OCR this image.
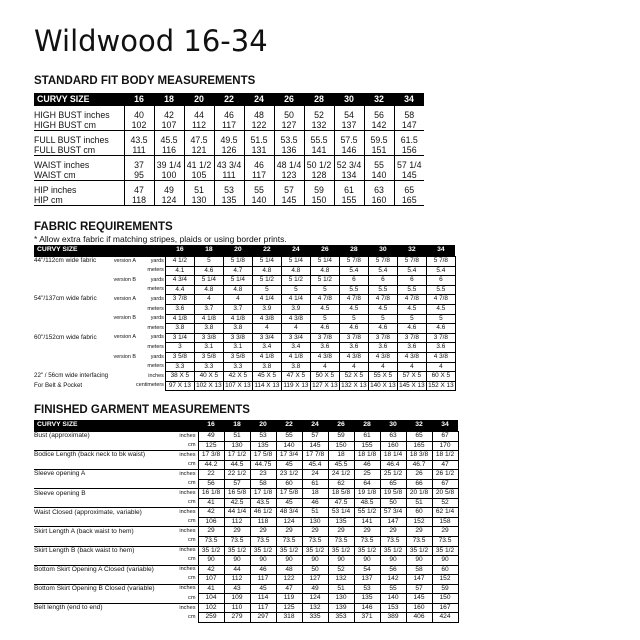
Wildwood 16-34
STANDARD FIT BODY MEASUREMENTS
CURVY SIZE	16	18	20	22	24	26	28	30	32	34

HIGH BUST inches	40	42	44	46	48	50	52	54	56	58
HIGH BUST cm	102	107	112	117	122	127	132	137	142	147

FULL BUST inches	43.5	45.5	47.5	49.5	51.5	53.5	55.5	57.5	59.5	61.5
FULL BUST cm	111	116	121	126	131	136	141	146	151	156

WAIST inches	37	39 1/4	41 1/2	43 3/4	46	48 1/4	50 1/2	52 3/4	55	57 1/4
WAIST cm	95	100	105	111	117	123	128	134	140	145

HIP inches	47	49	51	53	55	57	59	61	63	65
HIP cm	118	124	130	135	140	145	150	155	160	165
FABRIC REQUIREMENTS
* Allow extra fabric if matching stripes, plaids or using border prints.
CURVY SIZE			16	18	20	22	24	26	28	30	32	34
44"/112cm wide fabric	version A	yards	4 1/2	5	5 1/8	5 1/4	5 1/4	5 1/4	5 7/8	5 7/8	5 7/8	5 7/8
		meters	4.1	4.6	4.7	4.8	4.8	4.8	5.4	5.4	5.4	5.4
	version B	yards	4 3/4	5 1/4	5 1/4	5 1/2	5 1/2	5 1/2	6	6	6	6
		meters	4.4	4.8	4.8	5	5	5	5.5	5.5	5.5	5.5
54"/137cm wide fabric	version A	yards	3 7/8	4	4	4 1/4	4 1/4	4 7/8	4 7/8	4 7/8	4 7/8	4 7/8
		meters	3.6	3.7	3.7	3.9	3.9	4.5	4.5	4.5	4.5	4.5
	version B	yards	4 1/8	4 1/8	4 1/8	4 3/8	4 3/8	5	5	5	5	5
		meters	3.8	3.8	3.8	4	4	4.6	4.6	4.6	4.6	4.6
60"/152cm wide fabric	version A	yards	3 1/4	3 3/8	3 3/8	3 3/4	3 3/4	3 7/8	3 7/8	3 7/8	3 7/8	3 7/8
		meters	3	3.1	3.1	3.4	3.4	3.6	3.6	3.6	3.6	3.6
	version B	yards	3 5/8	3 5/8	3 5/8	4 1/8	4 1/8	4 3/8	4 3/8	4 3/8	4 3/8	4 3/8
		meters	3.3	3.3	3.3	3.8	3.8	4	4	4	4	4
22" / 56cm wide interfacing		inches	38 X 5	40 X 5	42 X 5	45 X 5	47 X 5	50 X 5	52 X 5	55 X 5	57 X 5	60 X 5
For Belt & Pocket		centimeters	97 X 13	102 X 13	107 X 13	114 X 13	119 X 13	127 X 13	132 X 13	140 X 13	145 X 13	152 X 13
FINISHED GARMENT MEASUREMENTS
CURVY SIZE		16	18	20	22	24	26	28	30	32	34
Bust (approximate)	inches	49	51	53	55	57	59	61	63	65	67
	cm	125	130	135	140	145	150	155	160	165	170
Bodice Length (back neck to bk waist)	inches	17 3/8	17 1/2	17 5/8	17 3/4	17 7/8	18	18 1/8	18 1/4	18 3/8	18 1/2
	cm	44.2	44.5	44.75	45	45.4	45.5	46	46.4	46.7	47
Sleeve opening A	inches	22	22 1/2	23	23 1/2	24	24 1/2	25	25 1/2	26	26 1/2
	cm	56	57	58	60	61	62	64	65	66	67
Sleeve opening B	inches	16 1/8	16 5/8	17 1/8	17 5/8	18	18 5/8	19 1/8	19 5/8	20 1/8	20 5/8
	cm	41	42.5	43.5	45	46	47.5	48.5	50	51	52
Waist Closed (approximate, variable)	inches	42	44 1/4	46 1/2	48 3/4	51	53 1/4	55 1/2	57 3/4	60	62 1/4
	cm	106	112	118	124	130	135	141	147	152	158
Skirt Length A (back waist to hem)	inches	29	29	29	29	29	29	29	29	29	29
	cm	73.5	73.5	73.5	73.5	73.5	73.5	73.5	73.5	73.5	73.5
Skirt Length B (back waist to hem)	inches	35 1/2	35 1/2	35 1/2	35 1/2	35 1/2	35 1/2	35 1/2	35 1/2	35 1/2	35 1/2
	cm	90	90	90	90	90	90	90	90	90	90
Bottom Skirt Opening A Closed (variable)	inches	42	44	46	48	50	52	54	56	58	60
	cm	107	112	117	122	127	132	137	142	147	152
Bottom Skirt Opening B Closed (variable)	inches	41	43	45	47	49	51	53	55	57	59
	cm	104	109	114	119	124	130	135	140	145	150
Belt length (end to end)	inches	102	110	117	125	132	139	146	153	160	167
	cm	259	279	297	318	335	353	371	389	406	424
